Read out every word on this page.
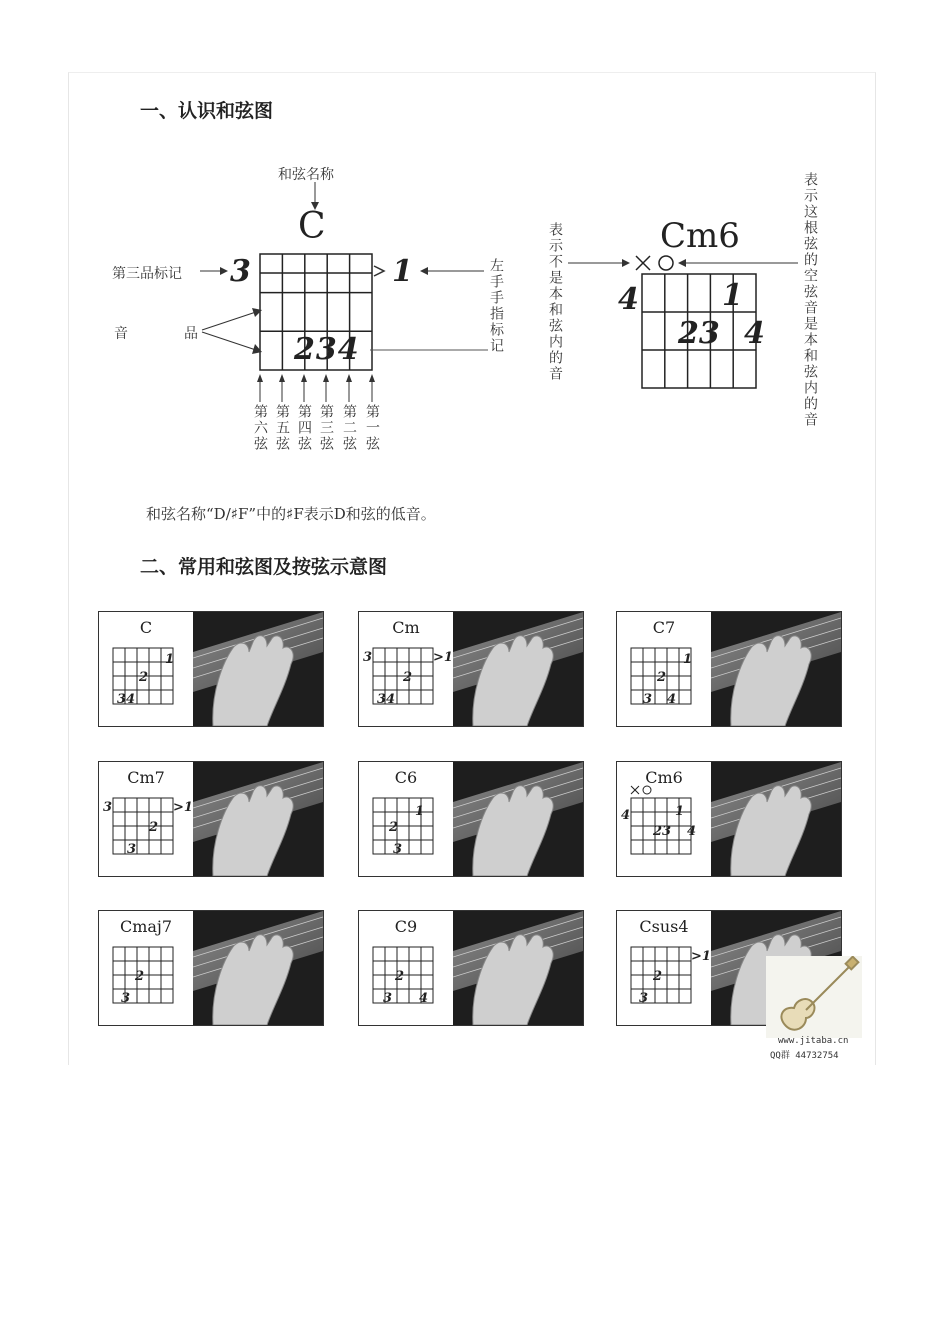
一、认识和弦图
和弦名称
C
第三品标记 3	1	左手手指标记
音	品	234
第六弦 第五弦 第四弦 第三弦 第二弦 第一弦
表示不是本和弦内的音	Cm6	表示这根弦的空弦音是本和弦内的音
4	1
23 4
和弦名称“D/♯F”中的♯F表示D和弦的低音。
二、常用和弦图及按弦示意图
C
1
2
34
Cm
2
34
3	>1
C7
1
2
3 4
Cm7
2
3
3	>1
C6
1
2
3
Cm6
1
23 4
4
Cmaj7
2
3
C9
2
3 4
Csus4
2
3
>1
www.jitaba.cn
QQ群 44732754
